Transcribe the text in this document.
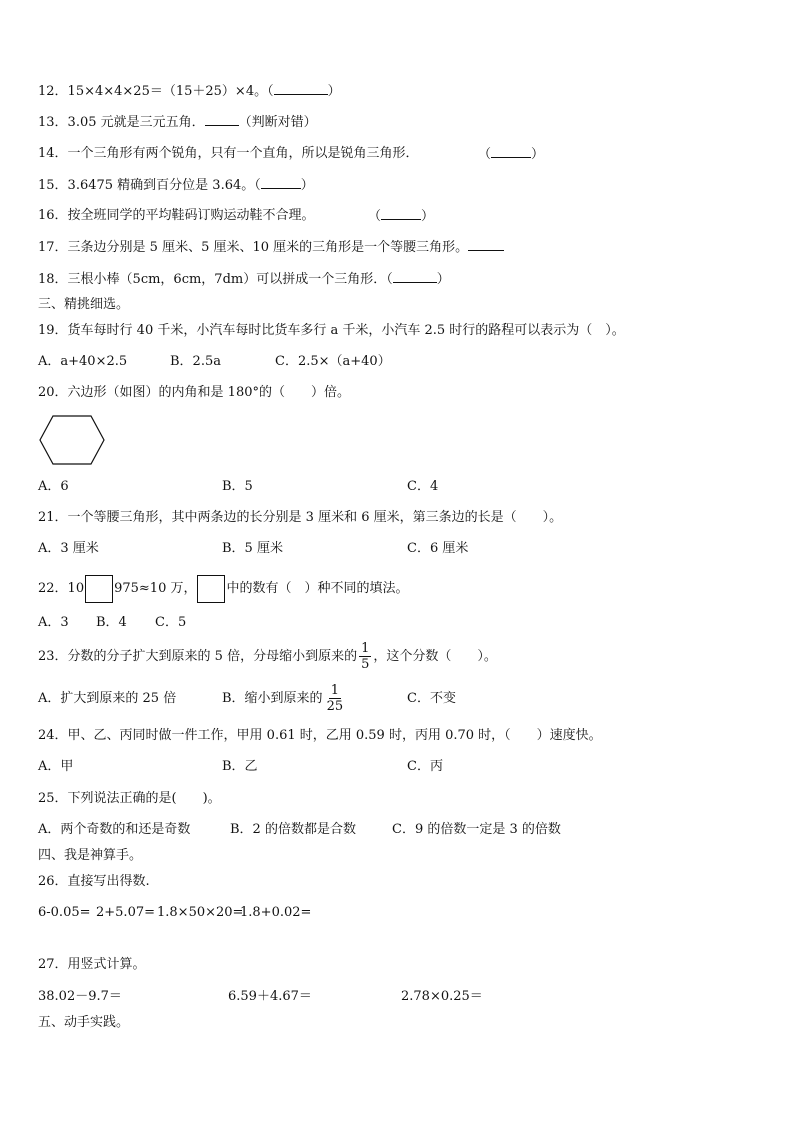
12．15×4×4×25＝（15＋25）×4。（	）
13．3.05 元就是三元五角．	（判断对错）
14．一个三角形有两个锐角，只有一个直角，所以是锐角三角形．	（	）
15．3.6475 精确到百分位是 3.64。（	）
16．按全班同学的平均鞋码订购运动鞋不合理。	（	）
17．三条边分别是 5 厘米、5 厘米、10 厘米的三角形是一个等腰三角形。
18．三根小棒（5cm，6cm，7dm）可以拼成一个三角形．（	）
三、精挑细选。
19．货车每时行 40 千米，小汽车每时比货车多行 a 千米，小汽车 2.5 时行的路程可以表示为（　）。
A．a+40×2.5	B．2.5a	C．2.5×（a+40）
20．六边形（如图）的内角和是 180°的（　　）倍。
A．6	B．5	C．4
21．一个等腰三角形，其中两条边的长分别是 3 厘米和 6 厘米，第三条边的长是（　　）。
A．3 厘米	B．5 厘米	C．6 厘米
22．10 975≈10 万， 中的数有（　）种不同的填法。
A．3 B．4 C．5
23．分数的分子扩大到原来的 5 倍，分母缩小到原来的 $\frac{1}{5}$ ，这个分数（　　）。
A．扩大到原来的 25 倍	B．缩小到原来的 $\frac{1}{25}$	C．不变
24．甲、乙、丙同时做一件工作，甲用 0.61 时，乙用 0.59 时，丙用 0.70 时，（　　）速度快。
A．甲	B．乙	C．丙
25．下列说法正确的是(　　)。
A．两个奇数的和还是奇数	B．2 的倍数都是合数	C．9 的倍数一定是 3 的倍数
四、我是神算手。
26．直接写出得数.
6-0.05= 2+5.07= 1.8×50×20=
1.8+0.02=
27．用竖式计算。
38.02－9.7＝	6.59＋4.67＝	2.78×0.25＝
五、动手实践。
